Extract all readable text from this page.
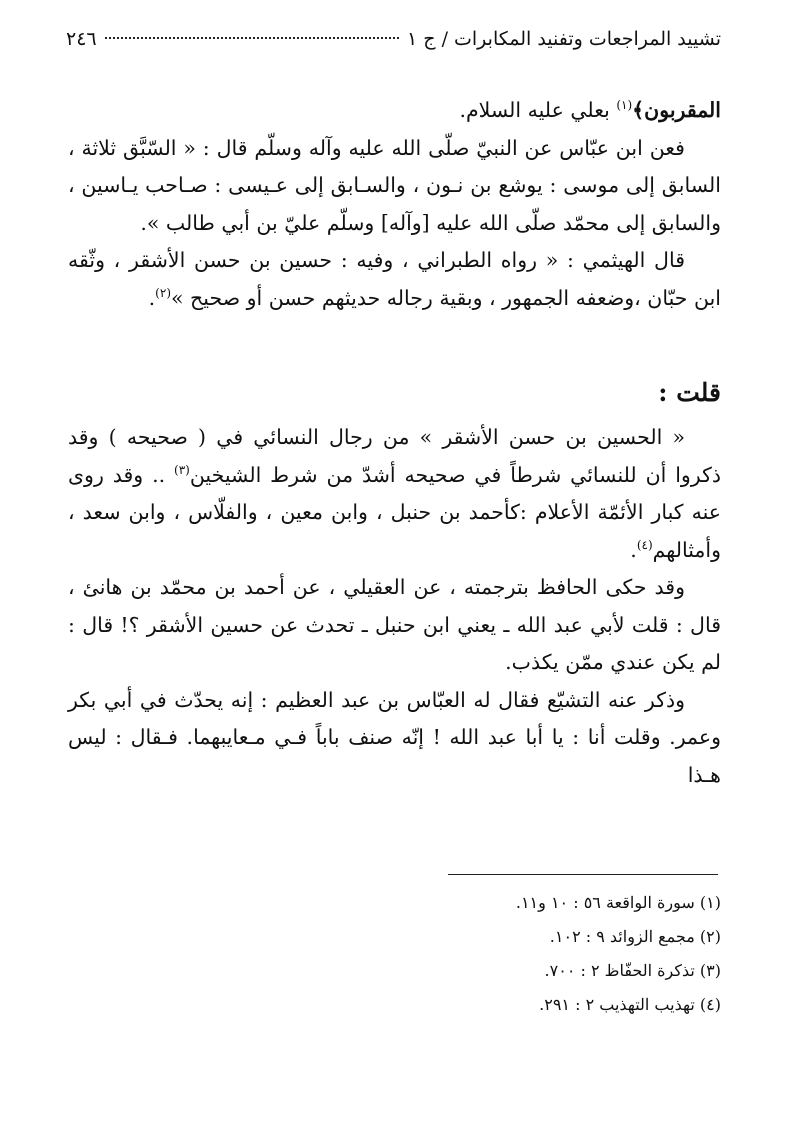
تشييد المراجعات وتفنيد المكابرات / ج ١
٢٤٦

المقربون﴾$^{(١)}$ بعلي عليه السلام.

فعن ابن عبّاس عن النبيّ صلّى الله عليه وآله وسلّم قال : « السّبَّق ثلاثة ، السابق إلى موسى : يوشع بن نـون ، والسـابق إلى عـيسى : صـاحب يـاسين ، والسابق إلى محمّد صلّى الله عليه [وآله] وسلّم عليّ بن أبي طالب ».

قال الهيثمي : « رواه الطبراني ، وفيه : حسين بن حسن الأشقر ، وثّقه ابن حبّان ،وضعفه الجمهور ، وبقية رجاله حديثهم حسن أو صحيح »$^{(٢)}$.

قلت :

« الحسين بن حسن الأشقر » من رجال النسائي في ( صحيحه ) وقد ذكروا أن للنسائي شرطاً في صحيحه أشدّ من شرط الشيخين$^{(٣)}$ .. وقد روى عنه كبار الأئمّة الأعلام :كأحمد بن حنبل ، وابن معين ، والفلّاس ، وابن سعد ، وأمثالهم$^{(٤)}$.

وقد حكى الحافظ بترجمته ، عن العقيلي ، عن أحمد بن محمّد بن هانئ ، قال : قلت لأبي عبد الله ـ يعني ابن حنبل ـ تحدث عن حسين الأشقر ؟! قال : لم يكن عندي ممّن يكذب.

وذكر عنه التشيّع فقال له العبّاس بن عبد العظيم : إنه يحدّث في أبي بكر وعمر. وقلت أنا : يا أبا عبد الله ! إنّه صنف باباً فـي مـعايبهما. فـقال : ليس هـذا

(١) سورة الواقعة ٥٦ : ١٠ و١١.
(٢) مجمع الزوائد ٩ : ١٠٢.
(٣) تذكرة الحفّاظ ٢ : ٧٠٠.
(٤) تهذيب التهذيب ٢ : ٢٩١.
